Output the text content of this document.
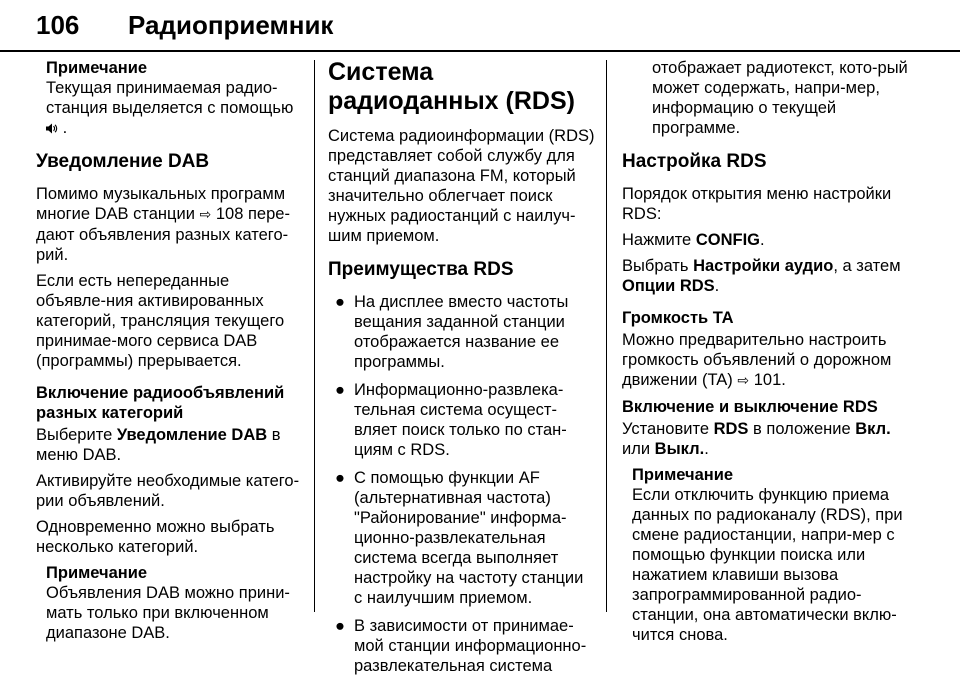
106 Радиоприемник
Примечание
Текущая принимаемая радио-станция выделяется с помощью  .
Уведомление DAB

Помимо музыкальных программ многие DAB станции ⇨ 108 пере-дают объявления разных катего-рий.

Если есть непереданные объявле-ния активированных категорий, трансляция текущего принимае-мого сервиса DAB (программы) прерывается.

Включение радиообъявлений разных категорий

Выберите Уведомление DAB в меню DAB.

Активируйте необходимые катего-рии объявлений.

Одновременно можно выбрать несколько категорий.

Примечание
Объявления DAB можно прини-мать только при включенном диапазоне DAB.
Система радиоданных (RDS)

Система радиоинформации (RDS) представляет собой службу для станций диапазона FM, который значительно облегчает поиск нужных радиостанций с наилуч-шим приемом.

Преимущества RDS
● На дисплее вместо частоты вещания заданной станции отображается название ее программы.
● Информационно-развлека-тельная система осущест-вляет поиск только по стан-циям с RDS.
● С помощью функции AF (альтернативная частота) "Районирование" информа-ционно-развлекательная система всегда выполняет настройку на частоту станции с наилучшим приемом.
● В зависимости от принимае-мой станции информационно-развлекательная система

отображает радиотекст, кото-рый может содержать, напри-мер, информацию о текущей программе.

Настройка RDS

Порядок открытия меню настройки RDS:

Нажмите CONFIG.

Выбрать Настройки аудио, а затем Опции RDS.

Громкость TA

Можно предварительно настроить громкость объявлений о дорожном движении (TA) ⇨ 101.

Включение и выключение RDS

Установите RDS в положение Вкл. или Выкл..

Примечание
Если отключить функцию приема данных по радиоканалу (RDS), при смене радиостанции, напри-мер с помощью функции поиска или нажатием клавиши вызова запрограммированной радио-станции, она автоматически вклю-чится снова.
